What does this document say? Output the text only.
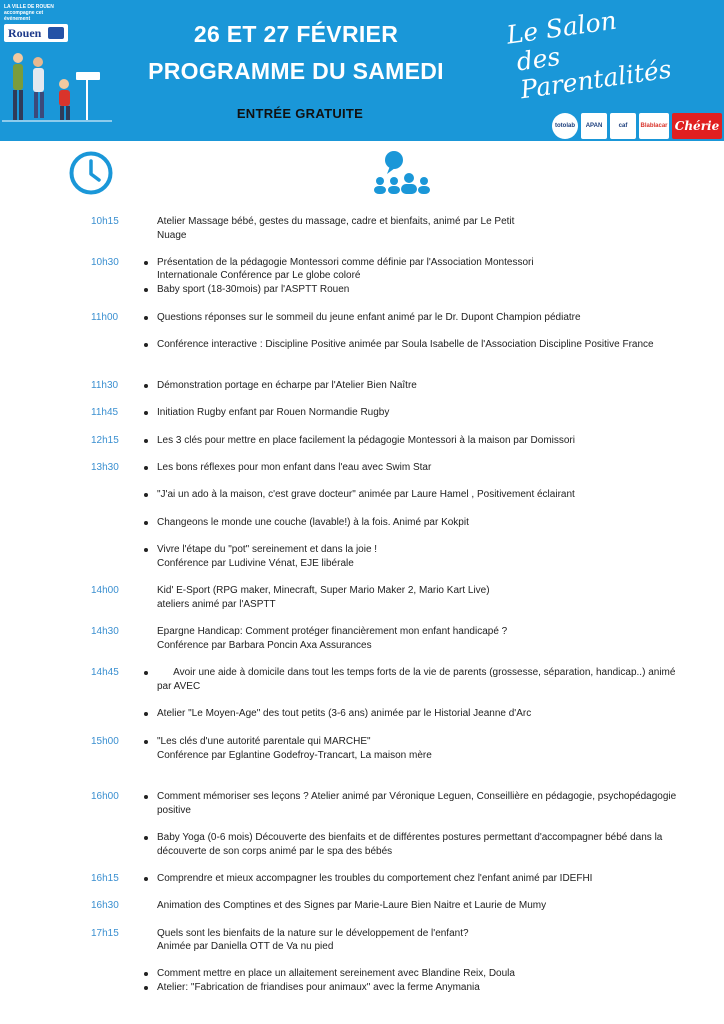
LA VILLE DE ROUEN
accompagne cet événement
Rouen	26 ET 27 FÉVRIER
PROGRAMME DU SAMEDI
ENTRÉE GRATUITE
Le Salon
des Parentalités
totolab	APAN	caf	Blablacar Chérie
10h15	Atelier Massage bébé, gestes du massage, cadre et bienfaits, animé par Le Petit
Nuage
10h30	Présentation de la pédagogie Montessori comme définie par l'Association Montessori
Internationale Conférence par Le globe coloré
Baby sport (18-30mois) par l'ASPTT Rouen
11h00	Questions réponses sur le sommeil du jeune enfant animé par le Dr. Dupont Champion pédiatre
Conférence interactive : Discipline Positive animée par Soula Isabelle de l'Association Discipline Positive France
11h30	Démonstration portage en écharpe par l'Atelier Bien Naître
11h45	Initiation Rugby enfant par Rouen Normandie Rugby
12h15	Les 3 clés pour mettre en place facilement la pédagogie Montessori à la maison par Domissori
13h30	Les bons réflexes pour mon enfant dans l'eau avec Swim Star
"J'ai un ado à la maison, c'est grave docteur" animée par Laure Hamel , Positivement éclairant
Changeons le monde une couche (lavable!) à la fois. Animé par Kokpit
Vivre l'étape du "pot" sereinement et dans la joie !
Conférence par Ludivine Vénat, EJE libérale
14h00	Kid' E-Sport (RPG maker, Minecraft, Super Mario Maker 2, Mario Kart Live)
ateliers animé par l'ASPTT
14h30	Epargne Handicap: Comment protéger financièrement mon enfant handicapé ?
Conférence par Barbara Poncin Axa Assurances
14h45	Avoir une aide à domicile dans tout les temps forts de la vie de parents (grossesse, séparation, handicap..) animé
par AVEC
Atelier "Le Moyen-Age" des tout petits (3-6 ans) animée par le Historial Jeanne d'Arc
15h00	"Les clés d'une autorité parentale qui MARCHE"
Conférence par Eglantine Godefroy-Trancart, La maison mère
16h00	Comment mémoriser ses leçons ? Atelier animé par Véronique Leguen, Conseillière en pédagogie, psychopédagogie
positive
Baby Yoga (0-6 mois) Découverte des bienfaits et de différentes postures permettant d'accompagner bébé dans la
découverte de son corps animé par le spa des bébés
16h15	Comprendre et mieux accompagner les troubles du comportement chez l'enfant animé par IDEFHI
16h30	Animation des Comptines et des Signes par Marie-Laure Bien Naitre et Laurie de Mumy
17h15	Quels sont les bienfaits de la nature sur le développement de l'enfant?
Animée par Daniella OTT de Va nu pied
Comment mettre en place un allaitement sereinement avec Blandine Reix, Doula
Atelier: "Fabrication de friandises pour animaux" avec la ferme Anymania
